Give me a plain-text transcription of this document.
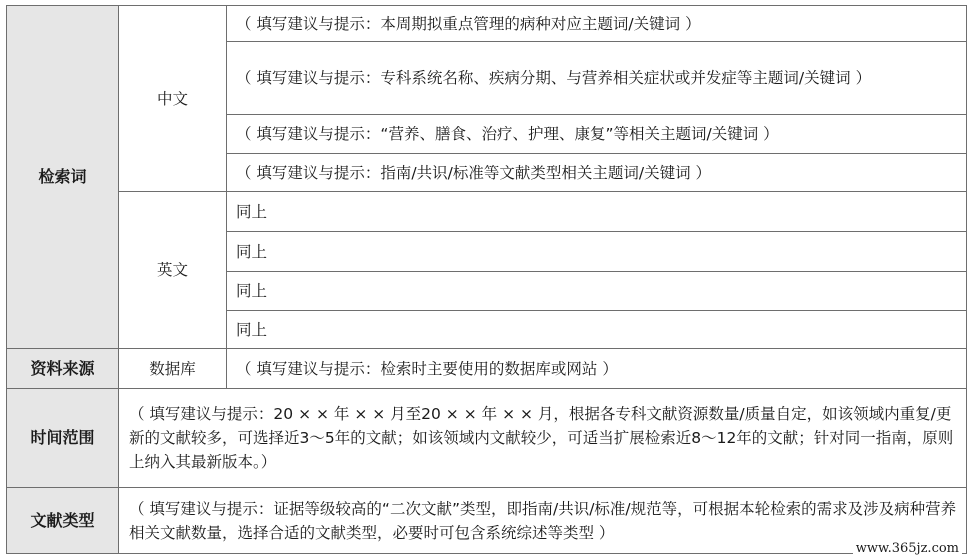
检索词	中文	（ 填写建议与提示：本周期拟重点管理的病种对应主题词/关键词 ）
		（ 填写建议与提示：专科系统名称、疾病分期、与营养相关症状或并发症等主题词/关键词 ）
		（ 填写建议与提示：“营养、膳食、治疗、护理、康复”等相关主题词/关键词 ）
		（ 填写建议与提示：指南/共识/标准等文献类型相关主题词/关键词 ）
	英文	同上
		同上
		同上
		同上
资料来源	数据库	（ 填写建议与提示：检索时主要使用的数据库或网站 ）
时间范围	（ 填写建议与提示：20 × × 年 × × 月至20 × × 年 × × 月，根据各专科文献资源数量/质量自定，如该领域内重复/更新的文献较多，可选择近3～5年的文献；如该领域内文献较少，可适当扩展检索近8～12年的文献；针对同一指南，原则上纳入其最新版本。）	
文献类型	（ 填写建议与提示：证据等级较高的“二次文献”类型，即指南/共识/标准/规范等，可根据本轮检索的需求及涉及病种营养相关文献数量，选择合适的文献类型，必要时可包含系统综述等类型 ）	
www.365jz.com
